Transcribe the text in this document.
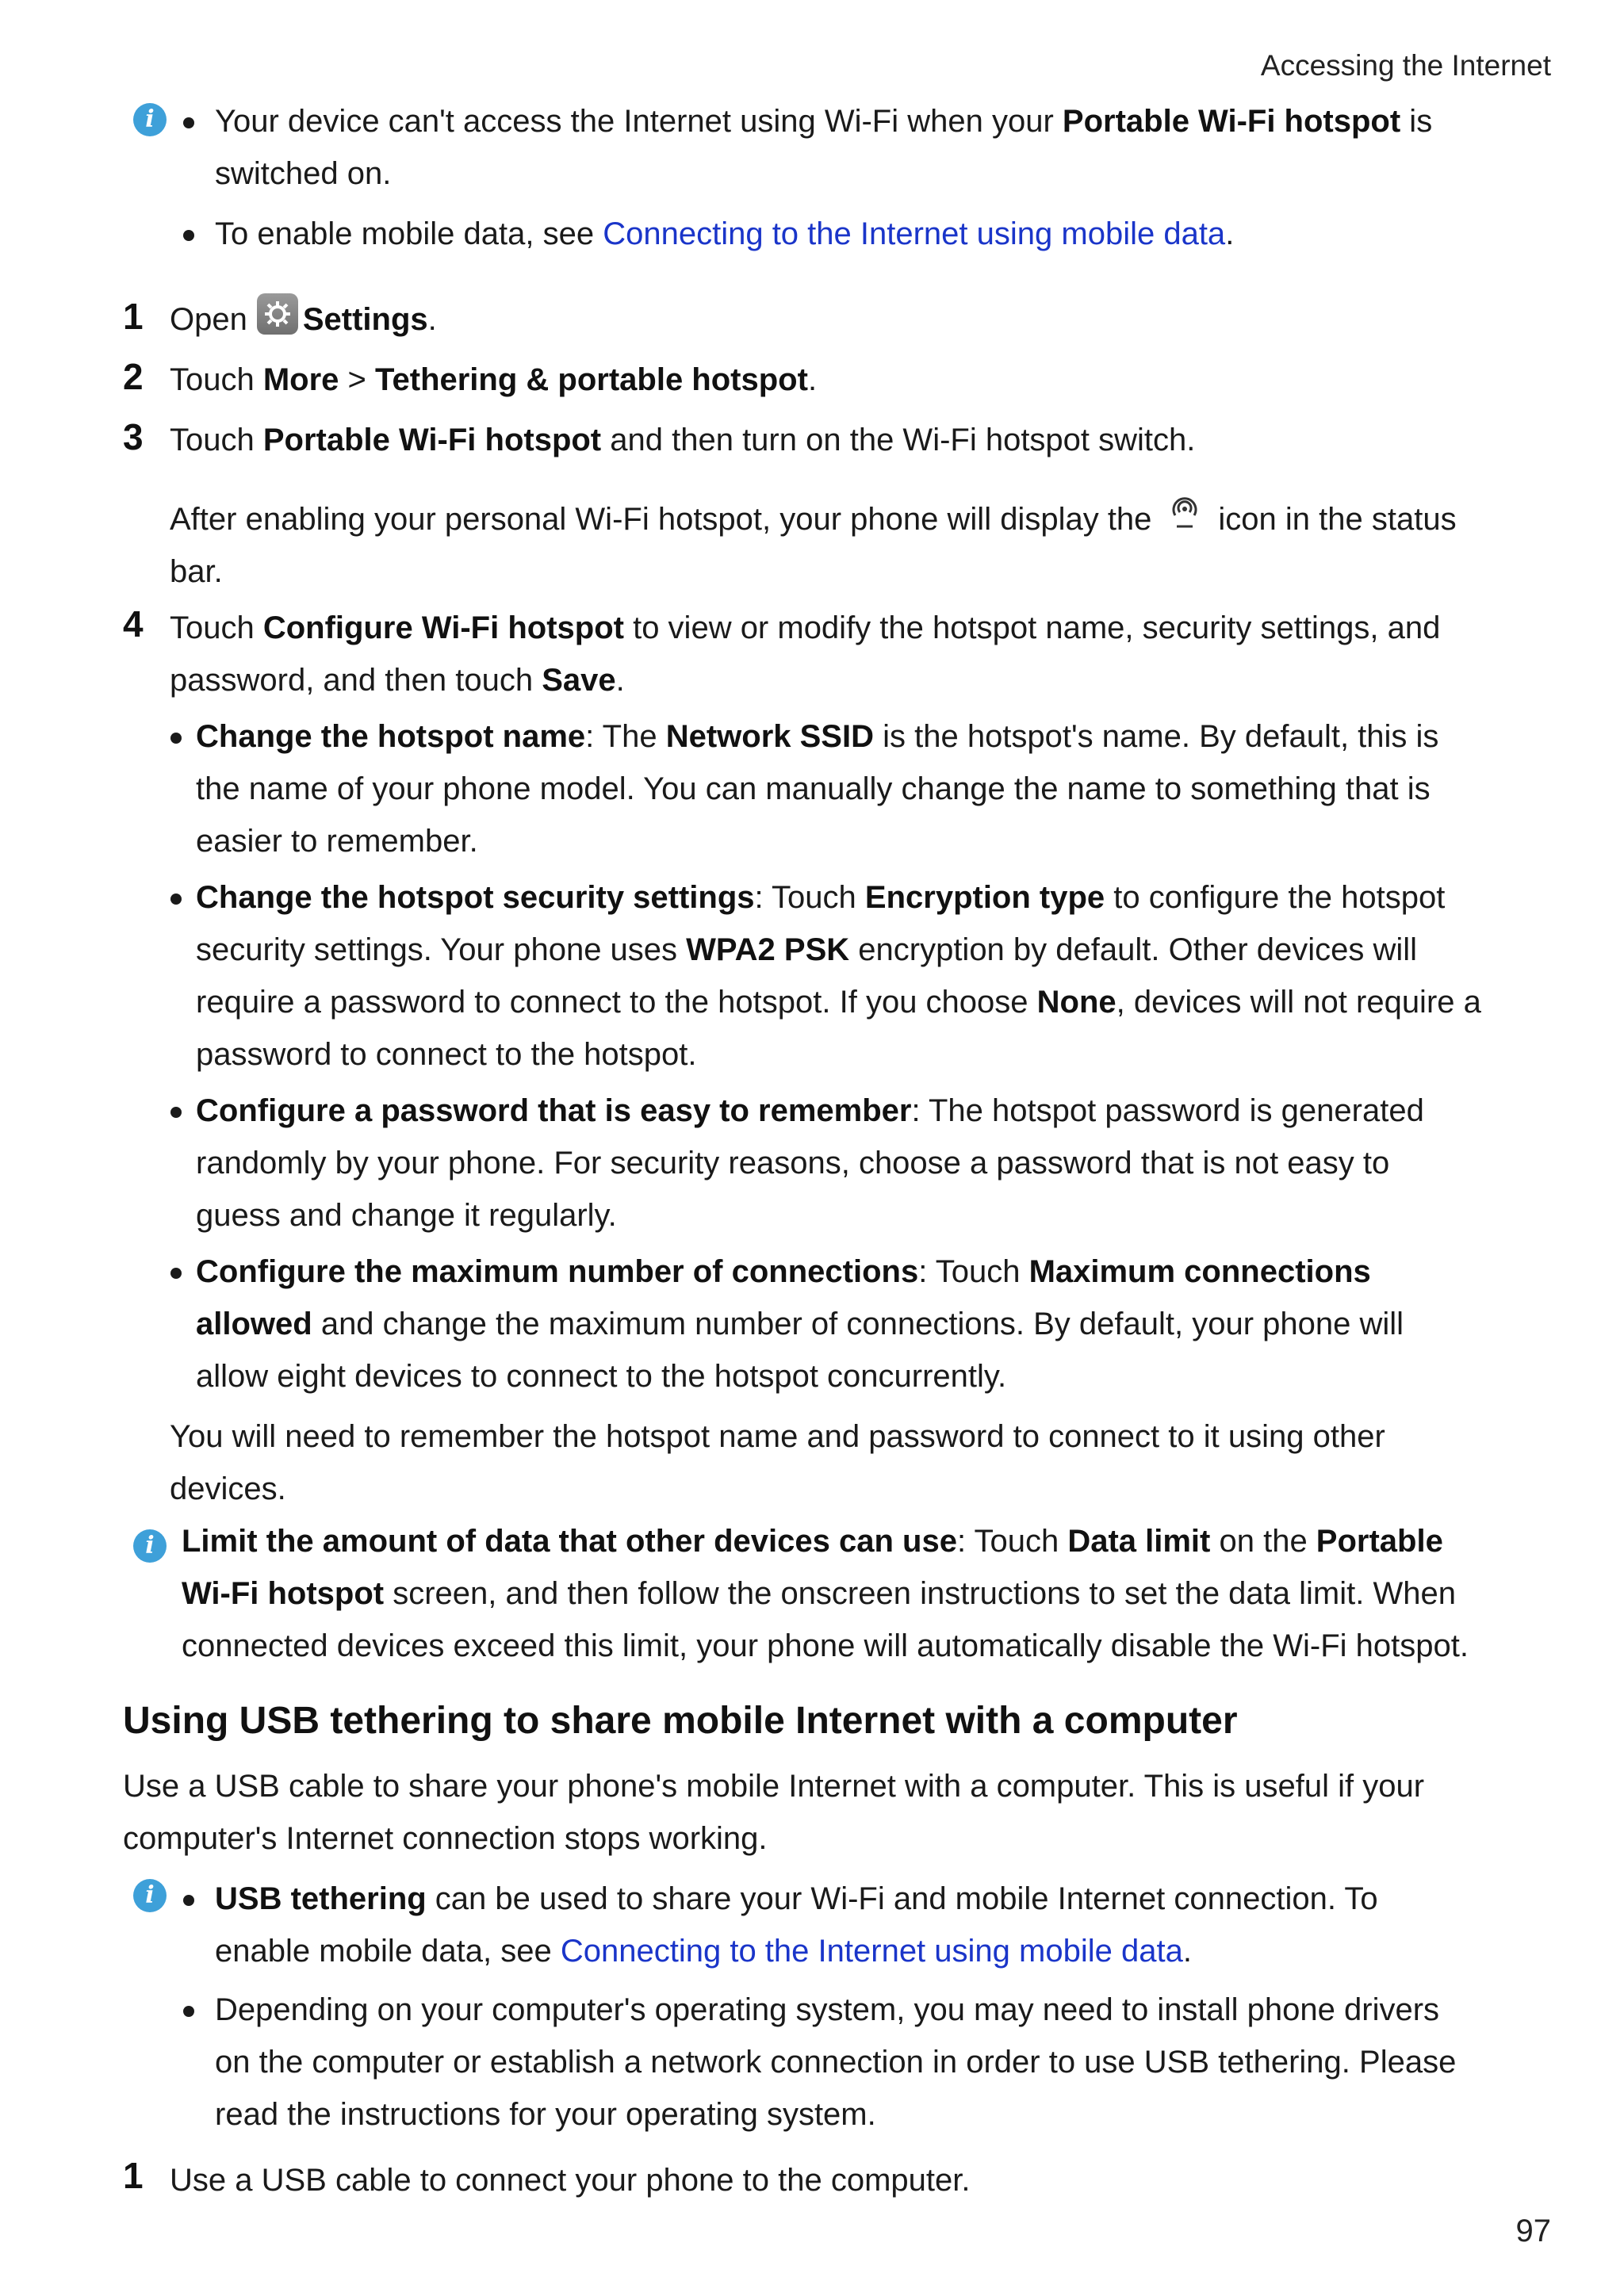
Accessing the Internet
i	Your device can't access the Internet using Wi-Fi when your Portable Wi-Fi hotspot is
switched on.
To enable mobile data, see Connecting to the Internet using mobile data.
1 Open Settings.
2 Touch More > Tethering & portable hotspot.
3 Touch Portable Wi-Fi hotspot and then turn on the Wi-Fi hotspot switch.
After enabling your personal Wi-Fi hotspot, your phone will display the icon in the status
bar.
4 Touch Configure Wi-Fi hotspot to view or modify the hotspot name, security settings, and
password, and then touch Save.
Change the hotspot name: The Network SSID is the hotspot's name. By default, this is
the name of your phone model. You can manually change the name to something that is
easier to remember.
Change the hotspot security settings: Touch Encryption type to configure the hotspot
security settings. Your phone uses WPA2 PSK encryption by default. Other devices will
require a password to connect to the hotspot. If you choose None, devices will not require a
password to connect to the hotspot.
Configure a password that is easy to remember: The hotspot password is generated
randomly by your phone. For security reasons, choose a password that is not easy to
guess and change it regularly.
Configure the maximum number of connections: Touch Maximum connections
allowed and change the maximum number of connections. By default, your phone will
allow eight devices to connect to the hotspot concurrently.
You will need to remember the hotspot name and password to connect to it using other
devices.
i Limit the amount of data that other devices can use: Touch Data limit on the Portable
Wi-Fi hotspot screen, and then follow the onscreen instructions to set the data limit. When
connected devices exceed this limit, your phone will automatically disable the Wi-Fi hotspot.
Using USB tethering to share mobile Internet with a computer
Use a USB cable to share your phone's mobile Internet with a computer. This is useful if your
computer's Internet connection stops working.
i	USB tethering can be used to share your Wi-Fi and mobile Internet connection. To
enable mobile data, see Connecting to the Internet using mobile data.
Depending on your computer's operating system, you may need to install phone drivers
on the computer or establish a network connection in order to use USB tethering. Please
read the instructions for your operating system.
1 Use a USB cable to connect your phone to the computer.
97
